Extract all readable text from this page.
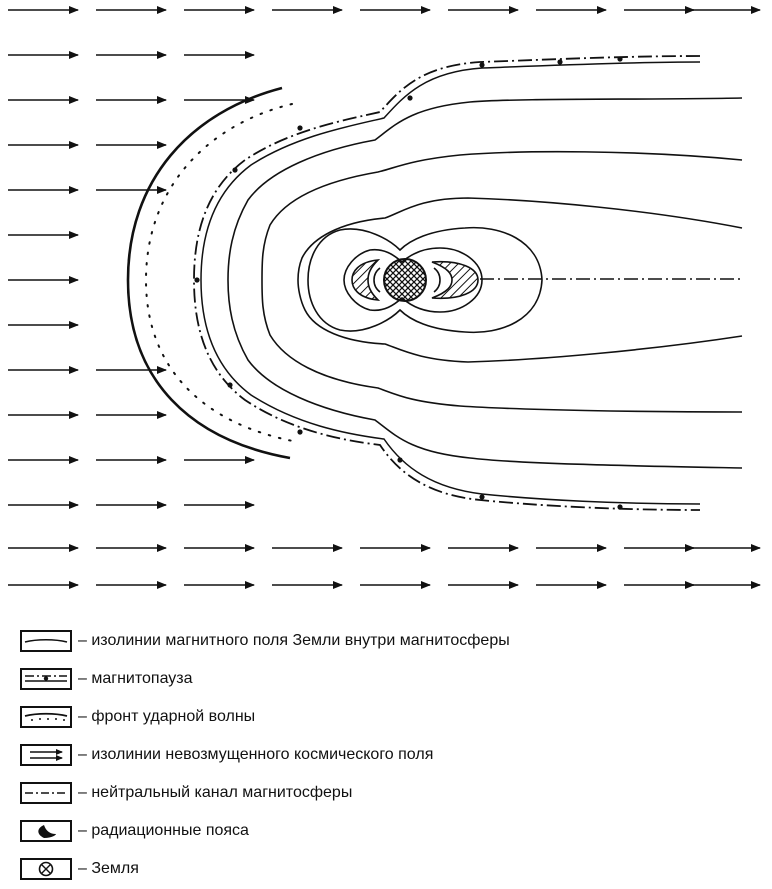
– изолинии магнитного поля Земли внутри магнитосферы
– магнитопауза
– фронт ударной волны
– изолинии невозмущенного космического поля
– нейтральный канал магнитосферы
– радиационные пояса
– Земля
